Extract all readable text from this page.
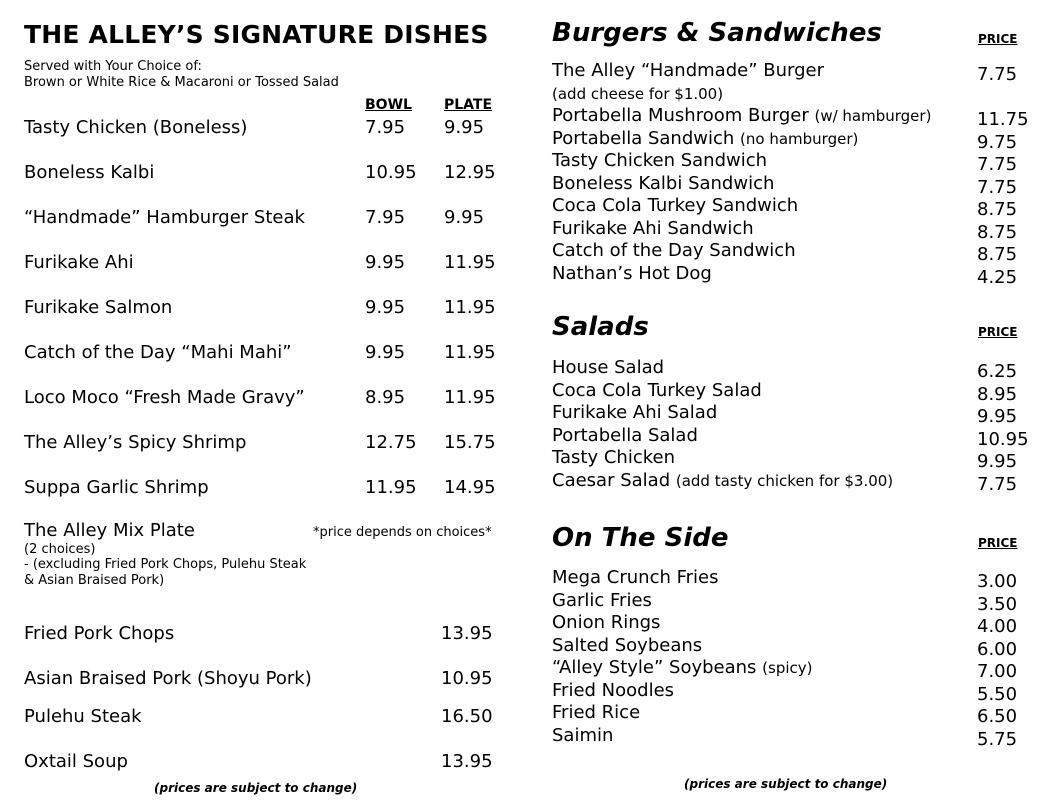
THE ALLEY’S SIGNATURE DISHES
Served with Your Choice of:
Brown or White Rice & Macaroni or Tossed Salad
BOWL PLATE
Tasty Chicken (Boneless)	7.95 9.95
Boneless Kalbi	10.95 12.95
“Handmade” Hamburger Steak	7.95 9.95
Furikake Ahi	9.95 11.95
Furikake Salmon	9.95 11.95
Catch of the Day “Mahi Mahi”	9.95 11.95
Loco Moco “Fresh Made Gravy”	8.95 11.95
The Alley’s Spicy Shrimp	12.75 15.75
Suppa Garlic Shrimp	11.95 14.95
The Alley Mix Plate	*price depends on choices*
(2 choices)
- (excluding Fried Pork Chops, Pulehu Steak
& Asian Braised Pork)
Fried Pork Chops	13.95
Asian Braised Pork (Shoyu Pork)	10.95
Pulehu Steak	16.50
Oxtail Soup	13.95
(prices are subject to change)
Burgers & Sandwiches	PRICE
The Alley “Handmade” Burger	7.75
(add cheese for $1.00)
Portabella Mushroom Burger (w/ hamburger)	11.75
Portabella Sandwich (no hamburger)	9.75
Tasty Chicken Sandwich	7.75
Boneless Kalbi Sandwich	7.75
Coca Cola Turkey Sandwich	8.75
Furikake Ahi Sandwich	8.75
Catch of the Day Sandwich	8.75
Nathan’s Hot Dog	4.25
Salads	PRICE
House Salad	6.25
Coca Cola Turkey Salad	8.95
Furikake Ahi Salad	9.95
Portabella Salad	10.95
Tasty Chicken	9.95
Caesar Salad (add tasty chicken for $3.00)	7.75
On The Side	PRICE
Mega Crunch Fries	3.00
Garlic Fries	3.50
Onion Rings	4.00
Salted Soybeans	6.00
“Alley Style” Soybeans (spicy)	7.00
Fried Noodles	5.50
Fried Rice	6.50
Saimin	5.75
(prices are subject to change)
